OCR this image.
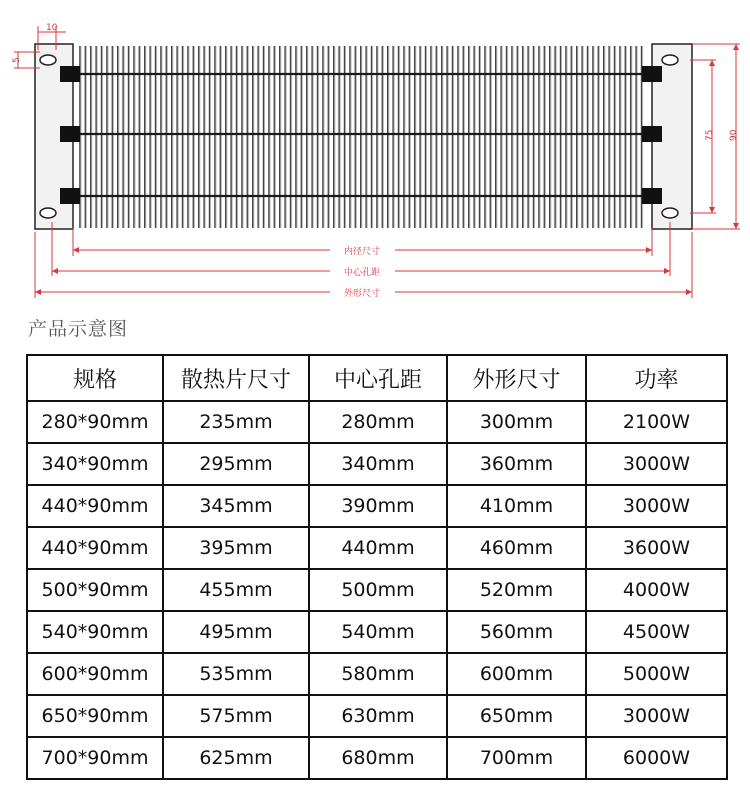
10
5
75 90
内径尺寸
中心孔距
外形尺寸
产品示意图
规格	散热片尺寸	中心孔距	外形尺寸	功率
280*90mm	235mm	280mm	300mm	2100W
340*90mm	295mm	340mm	360mm	3000W
440*90mm	345mm	390mm	410mm	3000W
440*90mm	395mm	440mm	460mm	3600W
500*90mm	455mm	500mm	520mm	4000W
540*90mm	495mm	540mm	560mm	4500W
600*90mm	535mm	580mm	600mm	5000W
650*90mm	575mm	630mm	650mm	3000W
700*90mm	625mm	680mm	700mm	6000W
